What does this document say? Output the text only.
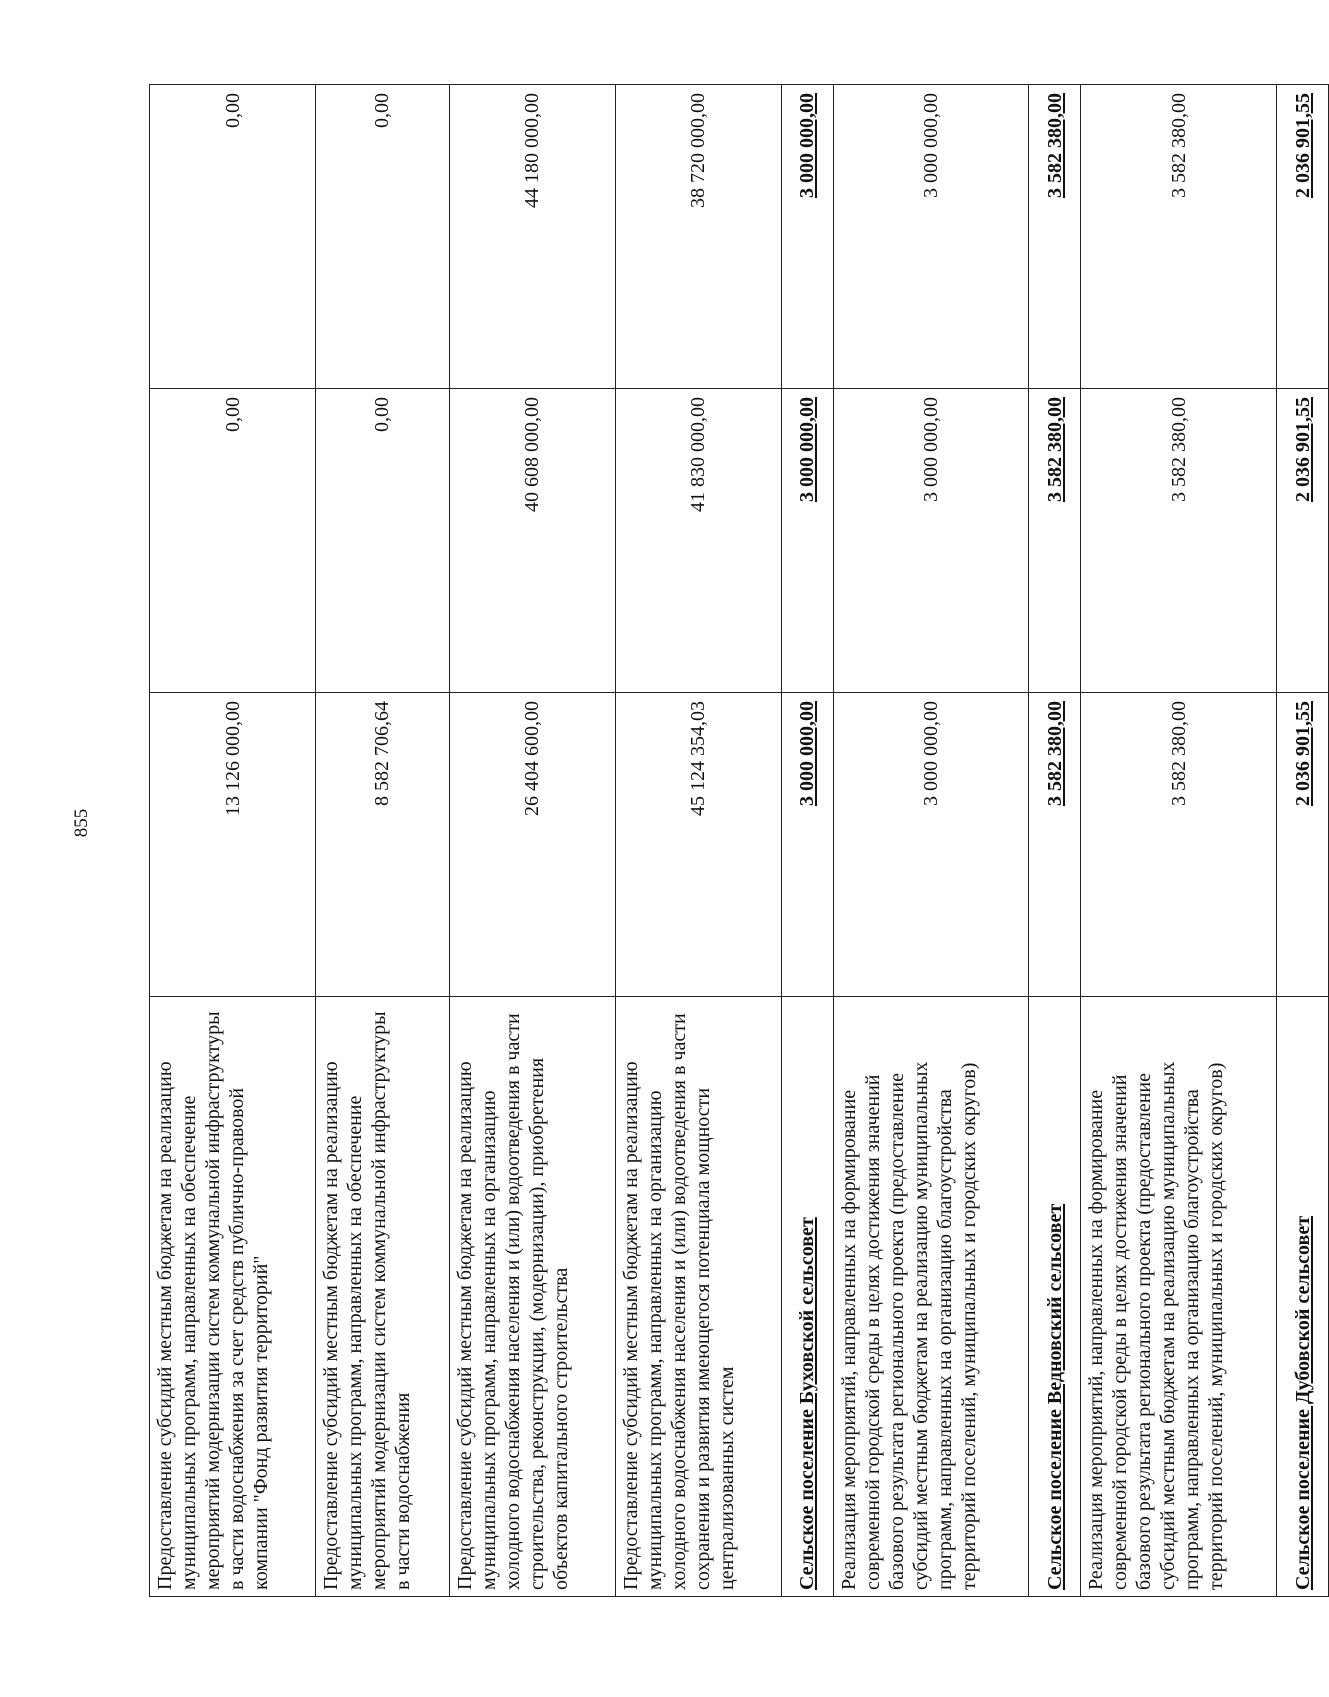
855
Предоставление субсидий местным бюджетам на реализацию муниципальных программ, направленных на обеспечение мероприятий модернизации систем коммунальной инфраструктуры в части водоснабжения за счет средств публично-правовой компании "Фонд развития территорий"	13 126 000,00	0,00	0,00
Предоставление субсидий местным бюджетам на реализацию муниципальных программ, направленных на обеспечение мероприятий модернизации систем коммунальной инфраструктуры в части водоснабжения	8 582 706,64	0,00	0,00
Предоставление субсидий местным бюджетам на реализацию муниципальных программ, направленных на организацию холодного водоснабжения населения и (или) водоотведения в части строительства, реконструкции, (модернизации), приобретения объектов капитального строительства	26 404 600,00	40 608 000,00	44 180 000,00
Предоставление субсидий местным бюджетам на реализацию муниципальных программ, направленных на организацию холодного водоснабжения населения и (или) водоотведения в части сохранения и развития имеющегося потенциала мощности централизованных систем	45 124 354,03	41 830 000,00	38 720 000,00
Сельское поселение Буховской сельсовет	3 000 000,00	3 000 000,00	3 000 000,00
Реализация мероприятий, направленных на формирование современной городской среды в целях достижения значений базового результата регионального проекта (предоставление субсидий местным бюджетам на реализацию муниципальных программ, направленных на организацию благоустройства территорий поселений, муниципальных и городских округов)	3 000 000,00	3 000 000,00	3 000 000,00
Сельское поселение Ведновский сельсовет	3 582 380,00	3 582 380,00	3 582 380,00
Реализация мероприятий, направленных на формирование современной городской среды в целях достижения значений базового результата регионального проекта (предоставление субсидий местным бюджетам на реализацию муниципальных программ, направленных на организацию благоустройства территорий поселений, муниципальных и городских округов)	3 582 380,00	3 582 380,00	3 582 380,00
Сельское поселение Дубовской сельсовет	2 036 901,55	2 036 901,55	2 036 901,55
